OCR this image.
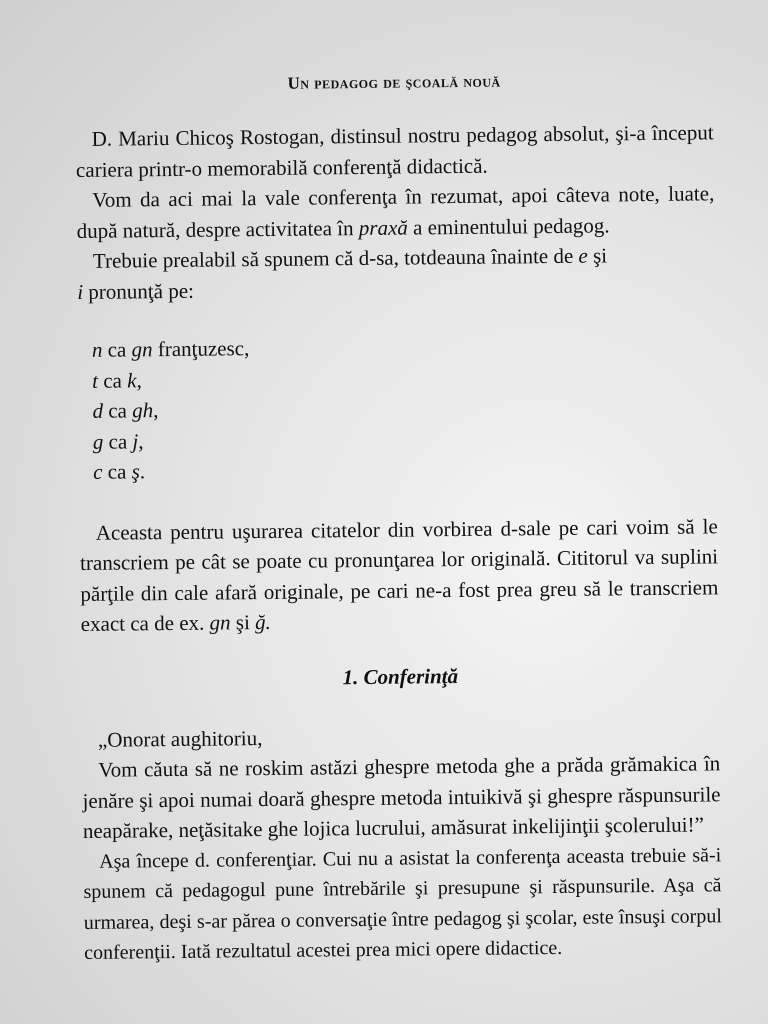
Un pedagog de şcoală nouă

D. Mariu Chicoş Rostogan, distinsul nostru pedagog absolut, şi-a început cariera printr-o memorabilă conferenţă didactică.

Vom da aci mai la vale conferenţa în rezumat, apoi câteva note, luate, după natură, despre activitatea în praxă a eminentului pedagog.

Trebuie prealabil să spunem că d-sa, totdeauna înainte de e şi
i pronunţă pe:

n ca gn franţuzesc,
t ca k,
d ca gh,
g ca j,
c ca ş.

Aceasta pentru uşurarea citatelor din vorbirea d-sale pe cari voim să le transcriem pe cât se poate cu pronunţarea lor originală. Cititorul va suplini părţile din cale afară originale, pe cari ne-a fost prea greu să le transcriem exact ca de ex. gn şi ğ.

1. Conferinţă

„Onorat aughitoriu,

Vom căuta să ne roskim astăzi ghespre metoda ghe a prăda grămakica în jenăre şi apoi numai doară ghespre metoda intuikivă şi ghespre răspunsurile neapărake, neţăsitake ghe lojica lucrului, amăsurat inkelijinţii şcolerului!”

Aşa începe d. conferenţiar. Cui nu a asistat la conferenţa aceasta trebuie să-i spunem că pedagogul pune întrebările şi presupune şi răspunsurile. Aşa că urmarea, deşi s-ar părea o conversaţie între pedagog şi şcolar, este însuşi corpul conferenţii. Iată rezultatul acestei prea mici opere didactice.
